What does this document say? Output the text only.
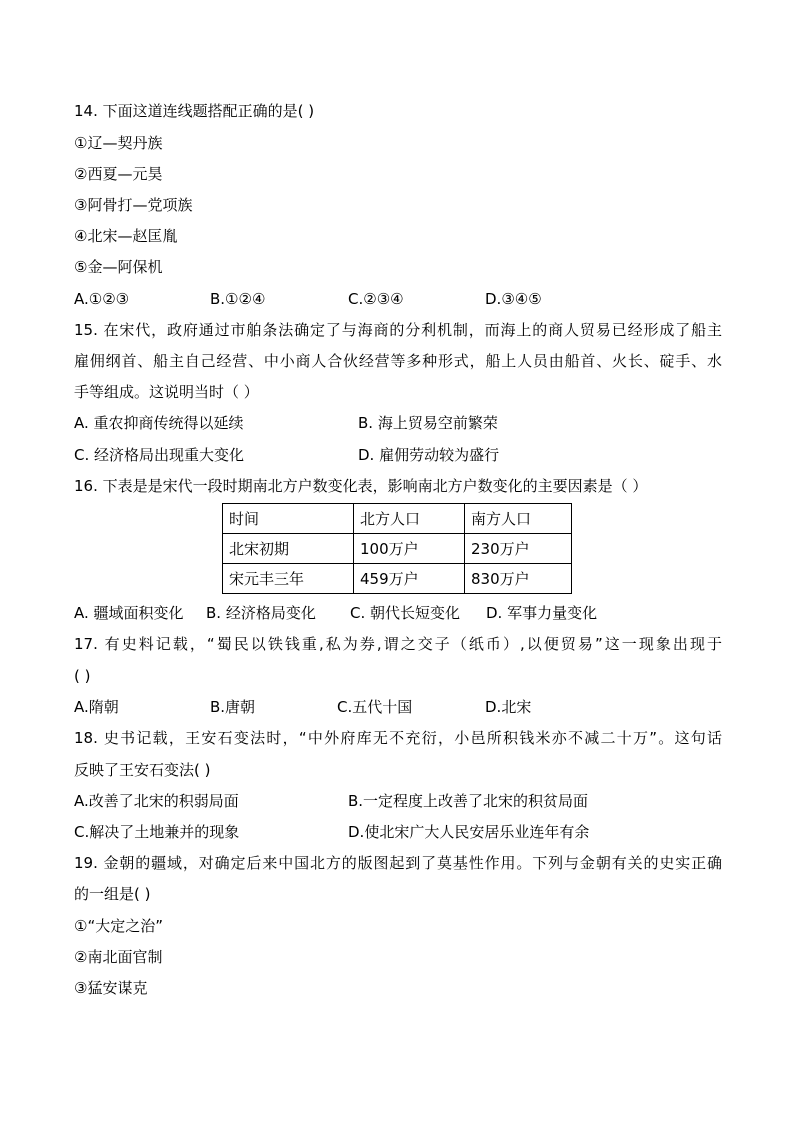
14. 下面这道连线题搭配正确的是( )
①辽—契丹族
②西夏—元昊
③阿骨打—党项族
④北宋—赵匡胤
⑤金—阿保机
A.①②③	B.①②④	C.②③④	D.③④⑤
15. 在宋代，政府通过市舶条法确定了与海商的分利机制，而海上的商人贸易已经形成了船主
雇佣纲首、船主自己经营、中小商人合伙经营等多种形式，船上人员由船首、火长、碇手、水
手等组成。这说明当时（ ）
A. 重农抑商传统得以延续	B. 海上贸易空前繁荣
C. 经济格局出现重大变化	D. 雇佣劳动较为盛行
16. 下表是是宋代一段时期南北方户数变化表，影响南北方户数变化的主要因素是（ ）
时间	北方人口	南方人口
北宋初期	100万户	230万户
宋元丰三年	459万户	830万户
A. 疆域面积变化 B. 经济格局变化 C. 朝代长短变化 D. 军事力量变化
17. 有史料记载，“蜀民以铁钱重,私为券,谓之交子（纸币）,以便贸易”这一现象出现于
( )
A.隋朝	B.唐朝	C.五代十国	D.北宋
18. 史书记载，王安石变法时，“中外府库无不充衍，小邑所积钱米亦不减二十万”。这句话
反映了王安石变法( )
A.改善了北宋的积弱局面	B.一定程度上改善了北宋的积贫局面
C.解决了土地兼并的现象	D.使北宋广大人民安居乐业连年有余
19. 金朝的疆域，对确定后来中国北方的版图起到了莫基性作用。下列与金朝有关的史实正确
的一组是( )
①“大定之治”
②南北面官制
③猛安谋克
